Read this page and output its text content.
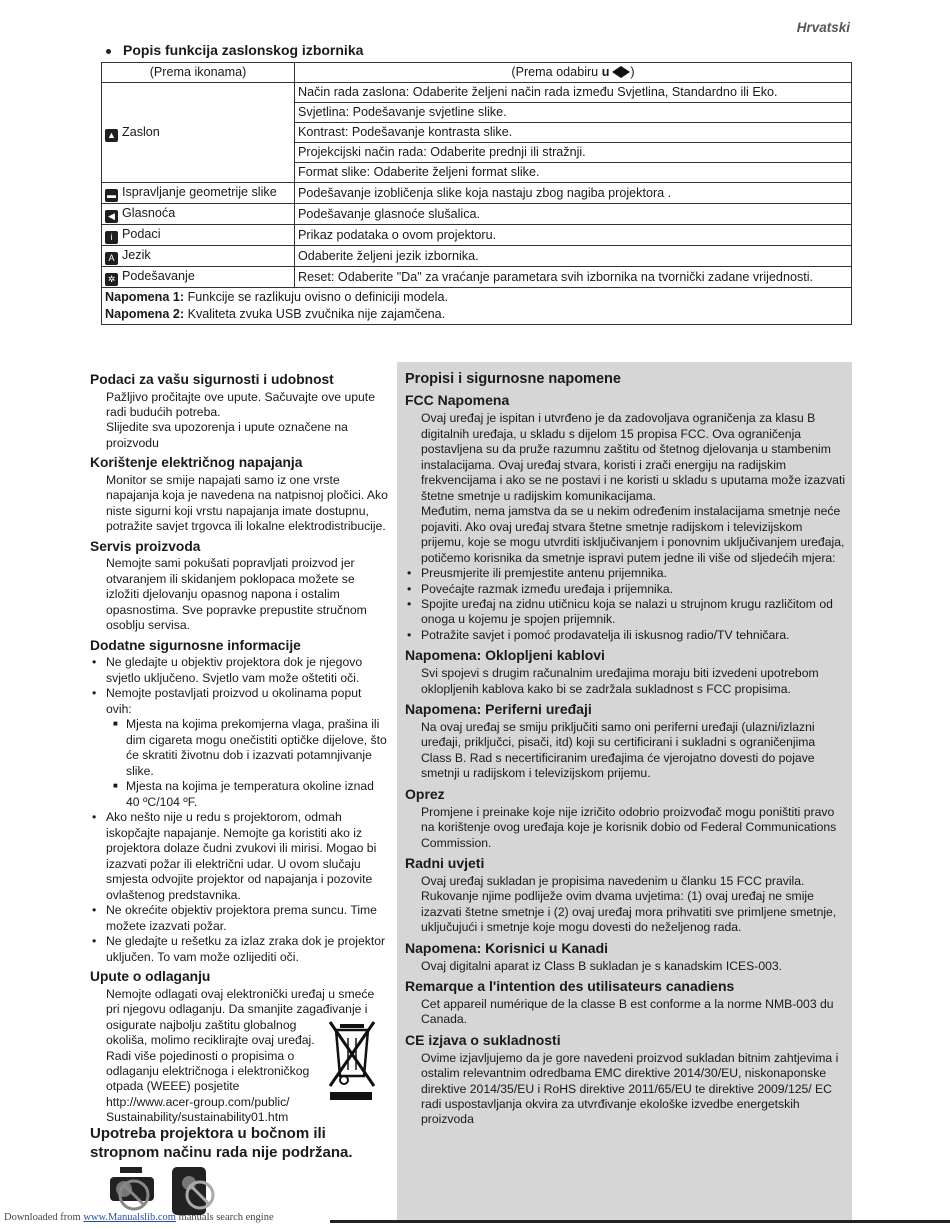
Hrvatski
Popis funkcija zaslonskog izbornika
(Prema ikonama)	(Prema odabiru u )
▲ Zaslon	Način rada zaslona: Odaberite željeni način rada između Svjetlina, Standardno ili Eko.
	Svjetlina: Podešavanje svjetline slike.
	Kontrast: Podešavanje kontrasta slike.
	Projekcijski način rada: Odaberite prednji ili stražnji.
	Format slike: Odaberite željeni format slike.
▬ Ispravljanje geometrije slike	Podešavanje izobličenja slike koja nastaju zbog nagiba projektora .
◀ Glasnoća	Podešavanje glasnoće slušalica.
i Podaci	Prikaz podataka o ovom projektoru.
A Jezik	Odaberite željeni jezik izbornika.
✲ Podešavanje	Reset: Odaberite "Da" za vraćanje parametara svih izbornika na tvornički zadane vrijednosti.

Napomena 1: Funkcije se razlikuju ovisno o definiciji modela.
Napomena 2: Kvaliteta zvuka USB zvučnika nije zajamčena.	
Podaci za vašu sigurnosti i udobnost
Pažljivo pročitajte ove upute. Sačuvajte ove upute radi budućih potreba.
Slijedite sva upozorenja i upute označene na proizvodu
Korištenje električnog napajanja
Monitor se smije napajati samo iz one vrste napajanja koja je navedena na natpisnoj pločici. Ako niste sigurni koji vrstu napajanja imate dostupnu, potražite savjet trgovca ili lokalne elektrodistribucije.
Servis proizvoda
Nemojte sami pokušati popravljati proizvod jer otvaranjem ili skidanjem poklopaca možete se izložiti djelovanju opasnog napona i ostalim opasnostima. Sve popravke prepustite stručnom osoblju servisa.
Dodatne sigurnosne informacije
• Ne gledajte u objektiv projektora dok je njegovo svjetlo uključeno. Svjetlo vam može oštetiti oči.
• Nemojte postavljati proizvod u okolinama poput ovih:
■ Mjesta na kojima prekomjerna vlaga, prašina ili dim cigareta mogu onečistiti optičke dijelove, što će skratiti životnu dob i izazvati potamnjivanje slike.
■ Mjesta na kojima je temperatura okoline iznad 40 ºC/104 ºF.
• Ako nešto nije u redu s projektorom, odmah iskopčajte napajanje. Nemojte ga koristiti ako iz projektora dolaze čudni zvukovi ili mirisi. Mogao bi izazvati požar ili električni udar. U ovom slučaju smjesta odvojite projektor od napajanja i pozovite ovlaštenog predstavnika.
• Ne okrećite objektiv projektora prema suncu. Time možete izazvati požar.
• Ne gledajte u rešetku za izlaz zraka dok je projektor uključen. To vam može ozlijediti oči.
Upute o odlaganju
Nemojte odlagati ovaj elektronički uređaj u smeće pri njegovu odlaganju. Da smanjite zagađivanje i osigurate najbolju zaštitu globalnog
okoliša, molimo reciklirajte ovaj uređaj. Radi više pojedinosti o propisima o odlaganju električnoga i elektroničkog otpada (WEEE) posjetite
http://www.acer-group.com/public/ Sustainability/sustainability01.htm
Upotreba projektora u bočnom ili stropnom načinu rada nije podržana.
Propisi i sigurnosne napomene
FCC Napomena
Ovaj uređaj je ispitan i utvrđeno je da zadovoljava ograničenja za klasu B digitalnih uređaja, u skladu s dijelom 15 propisa FCC. Ova ograničenja postavljena su da pruže razumnu zaštitu od štetnog djelovanja u stambenim instalacijama. Ovaj uređaj stvara, koristi i zrači energiju na radijskim frekvencijama i ako se ne postavi i ne koristi u skladu s uputama može izazvati štetne smetnje u radijskim komunikacijama.
Međutim, nema jamstva da se u nekim određenim instalacijama smetnje neće pojaviti. Ako ovaj uređaj stvara štetne smetnje radijskom i televizijskom prijemu, koje se mogu utvrditi isključivanjem i ponovnim uključivanjem uređaja, potičemo korisnika da smetnje ispravi putem jedne ili više od sljedećih mjera:
• Preusmjerite ili premjestite antenu prijemnika.
• Povećajte razmak između uređaja i prijemnika.
• Spojite uređaj na zidnu utičnicu koja se nalazi u strujnom krugu različitom od onoga u kojemu je spojen prijemnik.
• Potražite savjet i pomoć prodavatelja ili iskusnog radio/TV tehničara.
Napomena: Oklopljeni kablovi
Svi spojevi s drugim računalnim uređajima moraju biti izvedeni upotrebom oklopljenih kablova kako bi se zadržala sukladnost s FCC propisima.
Napomena: Periferni uređaji
Na ovaj uređaj se smiju priključiti samo oni periferni uređaji (ulazni/izlazni uređaji, priključci, pisači, itd) koji su certificirani i sukladni s ograničenjima Class B. Rad s necertificiranim uređajima će vjerojatno dovesti do pojave smetnji u radijskom i televizijskom prijemu.
Oprez
Promjene i preinake koje nije izričito odobrio proizvođač mogu poništiti pravo na korištenje ovog uređaja koje je korisnik dobio od Federal Communications Commission.
Radni uvjeti
Ovaj uređaj sukladan je propisima navedenim u članku 15 FCC pravila. Rukovanje njime podliježe ovim dvama uvjetima: (1) ovaj uređaj ne smije izazvati štetne smetnje i (2) ovaj uređaj mora prihvatiti sve primljene smetnje, uključujući i smetnje koje mogu dovesti do neželjenog rada.
Napomena: Korisnici u Kanadi
Ovaj digitalni aparat iz Class B sukladan je s kanadskim ICES-003.
Remarque a l'intention des utilisateurs canadiens
Cet appareil numérique de la classe B est conforme a la norme NMB-003 du Canada.
CE izjava o sukladnosti
Ovime izjavljujemo da je gore navedeni proizvod sukladan bitnim zahtjevima i ostalim relevantnim odredbama EMC direktive 2014/30/EU, niskonaponske direktive 2014/35/EU i RoHS direktive 2011/65/EU te direktive 2009/125/ EC radi uspostavljanja okvira za utvrđivanje ekološke izvedbe energetskih proizvoda
Downloaded from www.Manualslib.com manuals search engine
